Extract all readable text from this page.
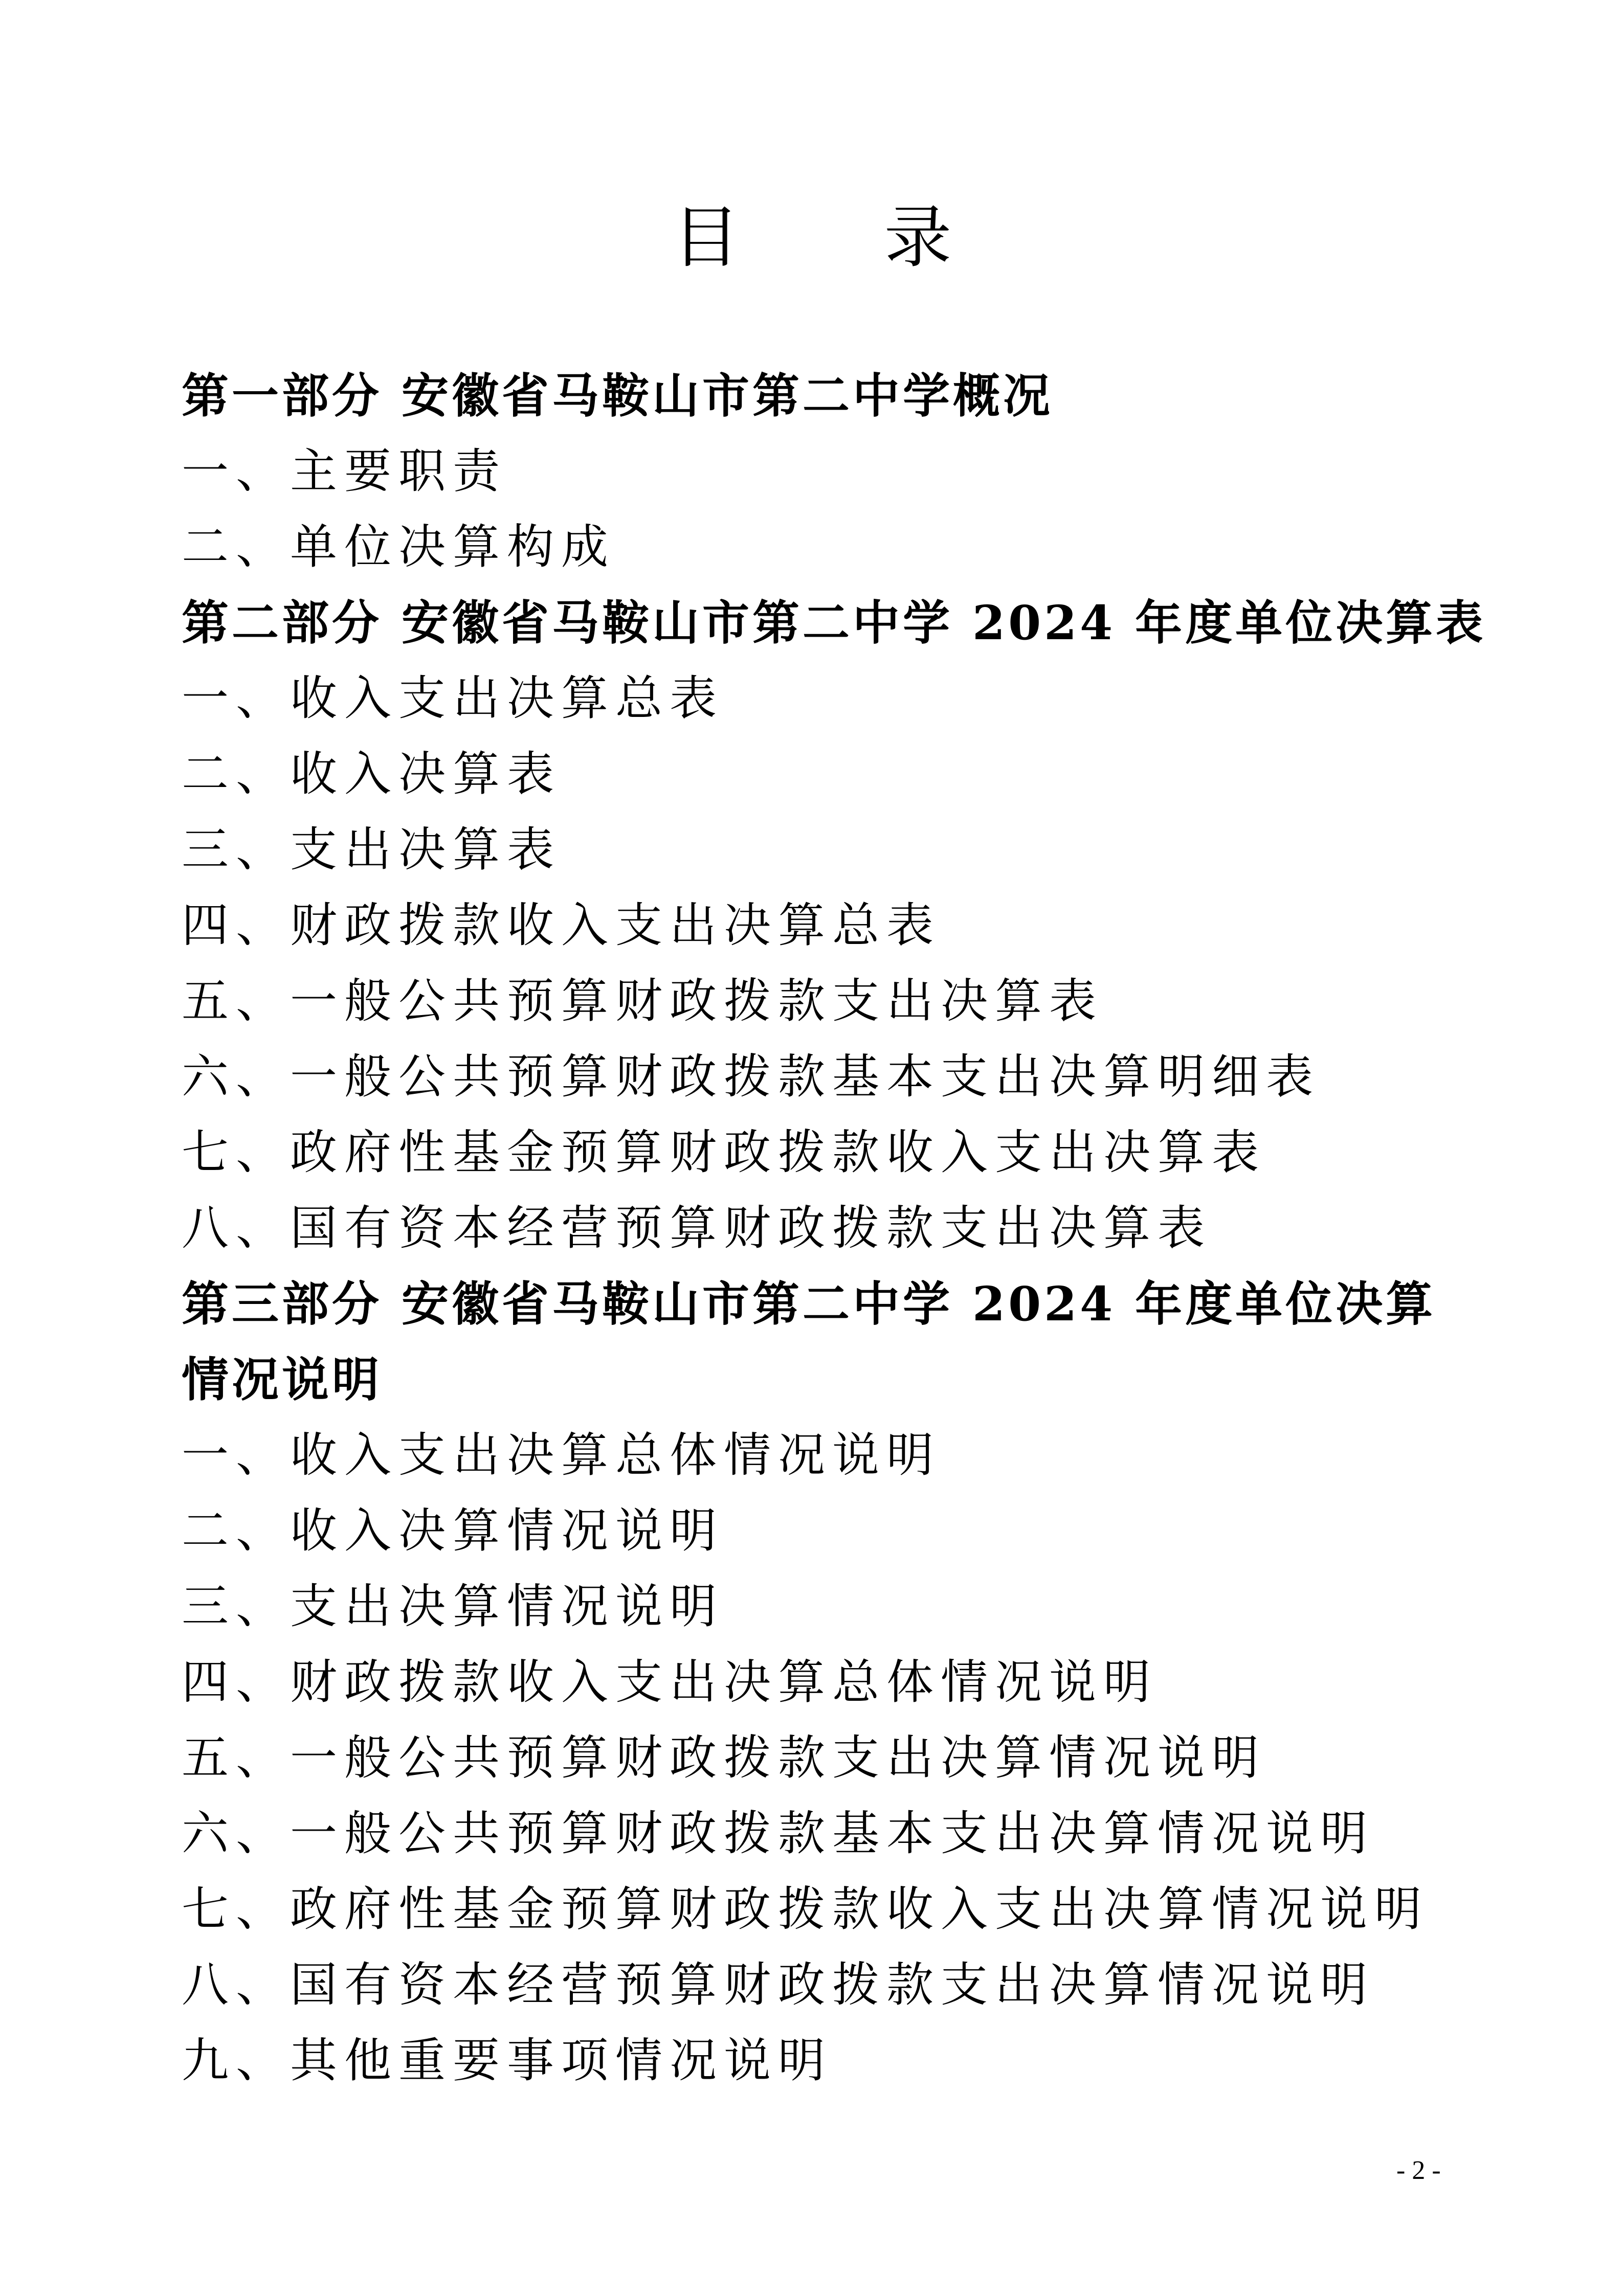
目 录
第一部分 安徽省马鞍山市第二中学概况
一、主要职责
二、单位决算构成
第二部分 安徽省马鞍山市第二中学 2024 年度单位决算表
一、收入支出决算总表
二、收入决算表
三、支出决算表
四、财政拨款收入支出决算总表
五、一般公共预算财政拨款支出决算表
六、一般公共预算财政拨款基本支出决算明细表
七、政府性基金预算财政拨款收入支出决算表
八、国有资本经营预算财政拨款支出决算表
第三部分 安徽省马鞍山市第二中学 2024 年度单位决算情况说明
一、收入支出决算总体情况说明
二、收入决算情况说明
三、支出决算情况说明
四、财政拨款收入支出决算总体情况说明
五、一般公共预算财政拨款支出决算情况说明
六、一般公共预算财政拨款基本支出决算情况说明
七、政府性基金预算财政拨款收入支出决算情况说明
八、国有资本经营预算财政拨款支出决算情况说明
九、其他重要事项情况说明
- 2 -
